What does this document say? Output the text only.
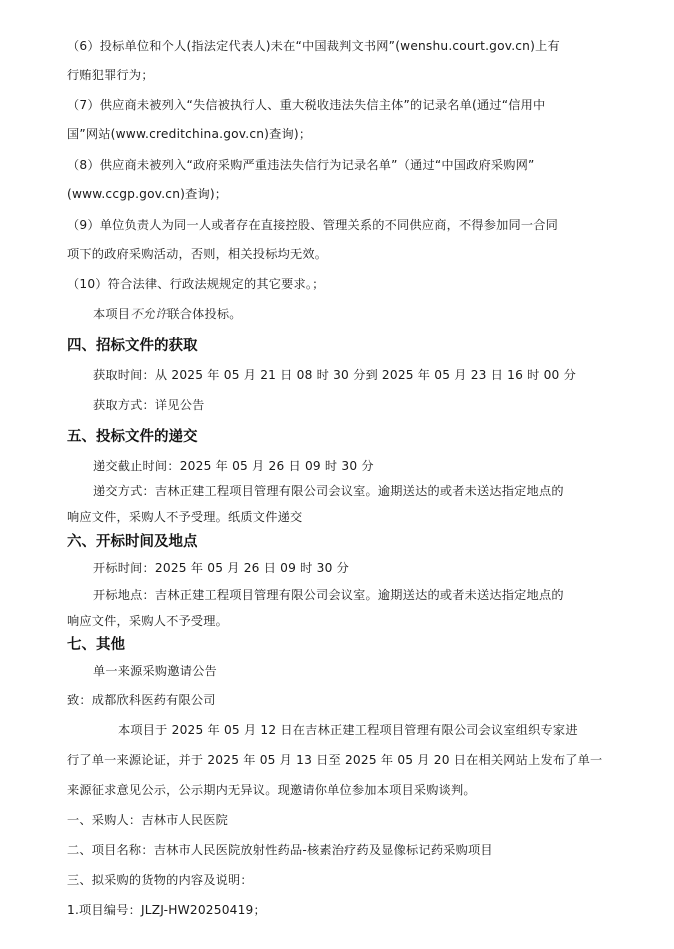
（6）投标单位和个人(指法定代表人)未在“中国裁判文书网”(wenshu.court.gov.cn)上有
行贿犯罪行为；
（7）供应商未被列入“失信被执行人、重大税收违法失信主体”的记录名单(通过“信用中
国”网站(www.creditchina.gov.cn)查询)；
（8）供应商未被列入“政府采购严重违法失信行为记录名单”（通过“中国政府采购网”
(www.ccgp.gov.cn)查询)；
（9）单位负责人为同一人或者存在直接控股、管理关系的不同供应商，不得参加同一合同
项下的政府采购活动，否则，相关投标均无效。
（10）符合法律、行政法规规定的其它要求。；
本项目不允许联合体投标。
四、招标文件的获取
获取时间：从 2025 年 05 月 21 日 08 时 30 分到 2025 年 05 月 23 日 16 时 00 分
获取方式：详见公告
五、投标文件的递交
递交截止时间：2025 年 05 月 26 日 09 时 30 分
递交方式：吉林正建工程项目管理有限公司会议室。逾期送达的或者未送达指定地点的
响应文件，采购人不予受理。纸质文件递交
六、开标时间及地点
开标时间：2025 年 05 月 26 日 09 时 30 分
开标地点：吉林正建工程项目管理有限公司会议室。逾期送达的或者未送达指定地点的
响应文件，采购人不予受理。
七、其他
单一来源采购邀请公告
致：成都欣科医药有限公司
本项目于 2025 年 05 月 12 日在吉林正建工程项目管理有限公司会议室组织专家进
行了单一来源论证，并于 2025 年 05 月 13 日至 2025 年 05 月 20 日在相关网站上发布了单一
来源征求意见公示，公示期内无异议。现邀请你单位参加本项目采购谈判。
一、采购人：吉林市人民医院
二、项目名称：吉林市人民医院放射性药品-核素治疗药及显像标记药采购项目
三、拟采购的货物的内容及说明：
1.项目编号：JLZJ-HW20250419；
